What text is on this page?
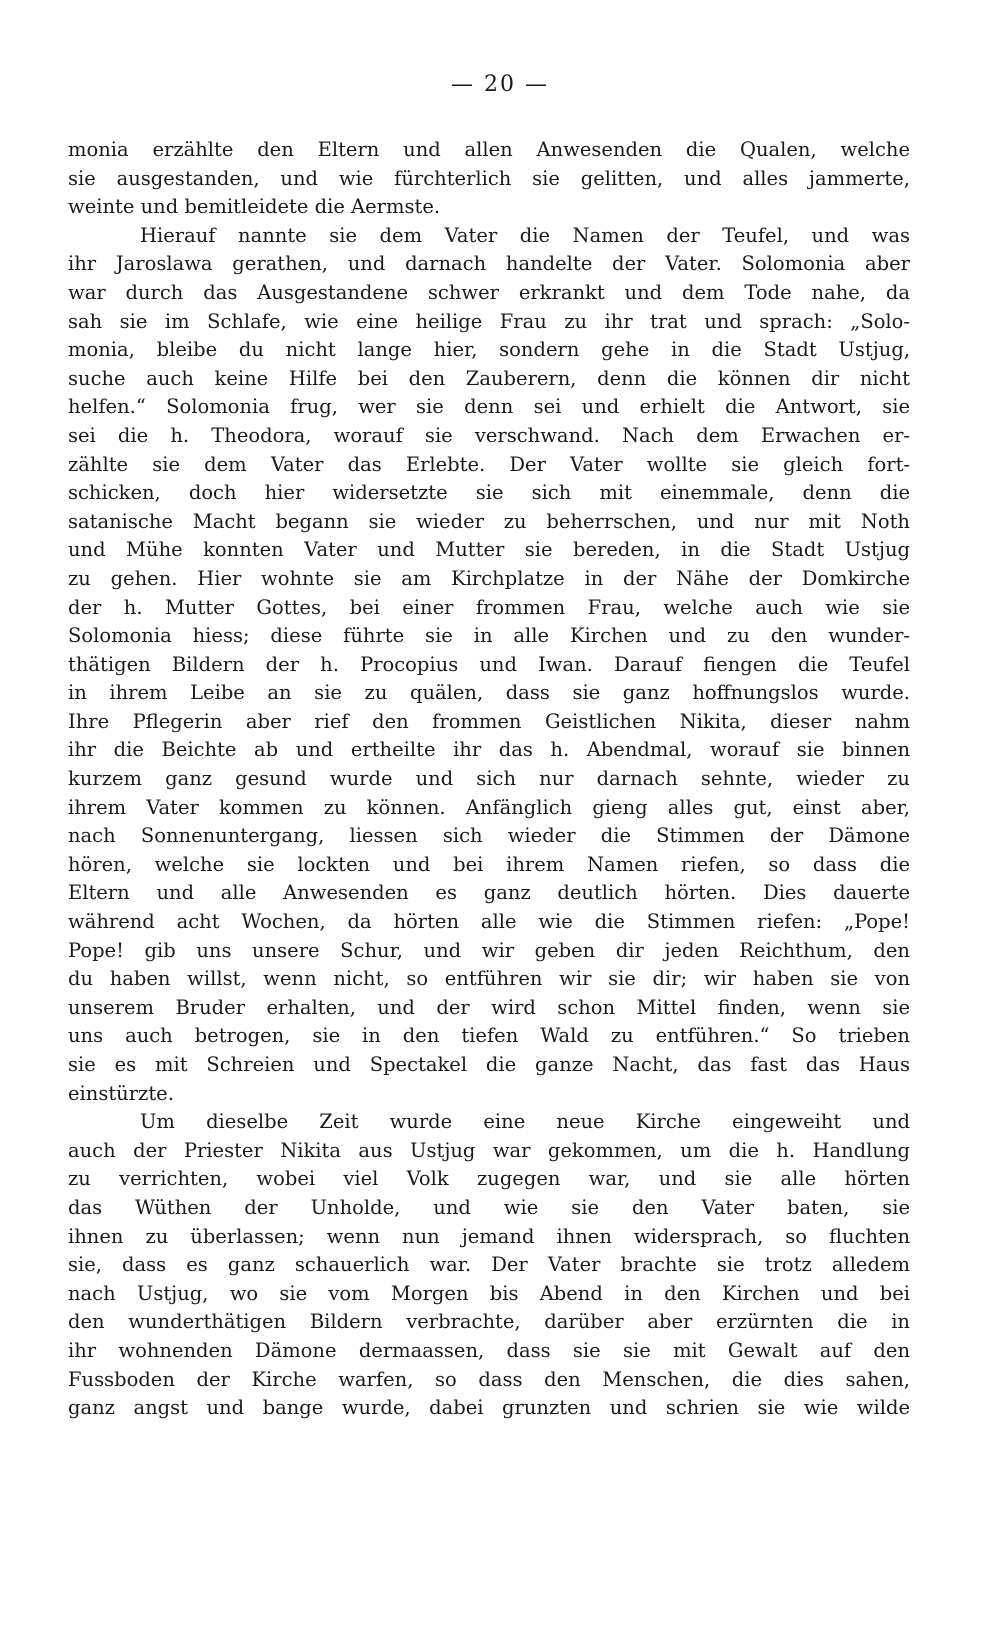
— 20 —
monia erzählte den Eltern und allen Anwesenden die Qualen, welche
sie ausgestanden, und wie fürchterlich sie gelitten, und alles jammerte,
weinte und bemitleidete die Aermste.
Hierauf nannte sie dem Vater die Namen der Teufel, und was
ihr Jaroslawa gerathen, und darnach handelte der Vater. Solomonia aber
war durch das Ausgestandene schwer erkrankt und dem Tode nahe, da
sah sie im Schlafe, wie eine heilige Frau zu ihr trat und sprach: „Solo-
monia, bleibe du nicht lange hier, sondern gehe in die Stadt Ustjug,
suche auch keine Hilfe bei den Zauberern, denn die können dir nicht
helfen.“ Solomonia frug, wer sie denn sei und erhielt die Antwort, sie
sei die h. Theodora, worauf sie verschwand. Nach dem Erwachen er-
zählte sie dem Vater das Erlebte. Der Vater wollte sie gleich fort-
schicken, doch hier widersetzte sie sich mit einemmale, denn die
satanische Macht begann sie wieder zu beherrschen, und nur mit Noth
und Mühe konnten Vater und Mutter sie bereden, in die Stadt Ustjug
zu gehen. Hier wohnte sie am Kirchplatze in der Nähe der Domkirche
der h. Mutter Gottes, bei einer frommen Frau, welche auch wie sie
Solomonia hiess; diese führte sie in alle Kirchen und zu den wunder-
thätigen Bildern der h. Procopius und Iwan. Darauf fiengen die Teufel
in ihrem Leibe an sie zu quälen, dass sie ganz hoffnungslos wurde.
Ihre Pflegerin aber rief den frommen Geistlichen Nikita, dieser nahm
ihr die Beichte ab und ertheilte ihr das h. Abendmal, worauf sie binnen
kurzem ganz gesund wurde und sich nur darnach sehnte, wieder zu
ihrem Vater kommen zu können. Anfänglich gieng alles gut, einst aber,
nach Sonnenuntergang, liessen sich wieder die Stimmen der Dämone
hören, welche sie lockten und bei ihrem Namen riefen, so dass die
Eltern und alle Anwesenden es ganz deutlich hörten. Dies dauerte
während acht Wochen, da hörten alle wie die Stimmen riefen: „Pope!
Pope! gib uns unsere Schur, und wir geben dir jeden Reichthum, den
du haben willst, wenn nicht, so entführen wir sie dir; wir haben sie von
unserem Bruder erhalten, und der wird schon Mittel finden, wenn sie
uns auch betrogen, sie in den tiefen Wald zu entführen.“ So trieben
sie es mit Schreien und Spectakel die ganze Nacht, das fast das Haus
einstürzte.
Um dieselbe Zeit wurde eine neue Kirche eingeweiht und
auch der Priester Nikita aus Ustjug war gekommen, um die h. Handlung
zu verrichten, wobei viel Volk zugegen war, und sie alle hörten
das Wüthen der Unholde, und wie sie den Vater baten, sie
ihnen zu überlassen; wenn nun jemand ihnen widersprach, so fluchten
sie, dass es ganz schauerlich war. Der Vater brachte sie trotz alledem
nach Ustjug, wo sie vom Morgen bis Abend in den Kirchen und bei
den wunderthätigen Bildern verbrachte, darüber aber erzürnten die in
ihr wohnenden Dämone dermaassen, dass sie sie mit Gewalt auf den
Fussboden der Kirche warfen, so dass den Menschen, die dies sahen,
ganz angst und bange wurde, dabei grunzten und schrien sie wie wilde
